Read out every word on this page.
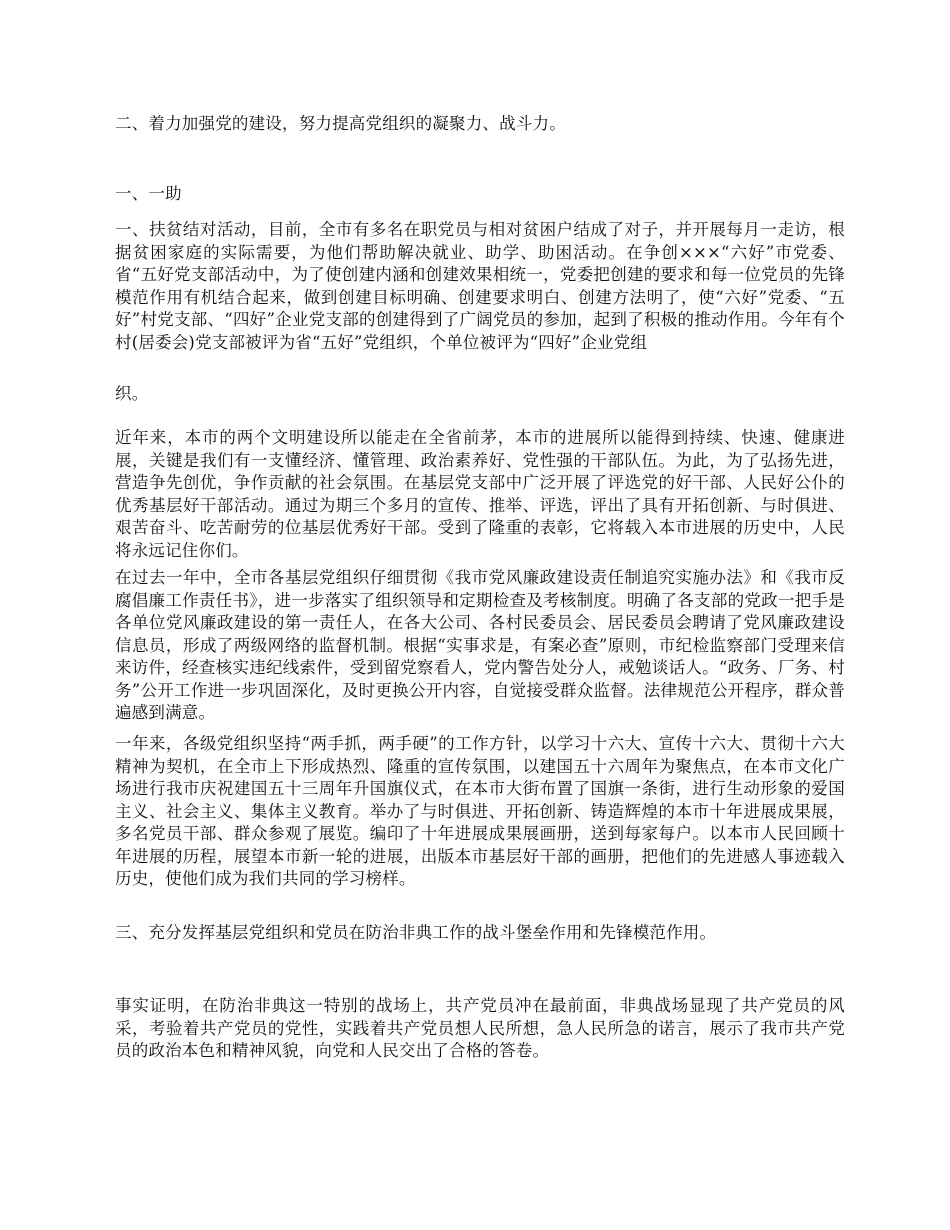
二、着力加强党的建设，努力提高党组织的凝聚力、战斗力。

一、一助

一、扶贫结对活动，目前，全市有多名在职党员与相对贫困户结成了对子，并开展每月一走访，根据贫困家庭的实际需要，为他们帮助解决就业、助学、助困活动。在争创×××“六好”市党委、省“五好党支部活动中，为了使创建内涵和创建效果相统一，党委把创建的要求和每一位党员的先锋模范作用有机结合起来，做到创建目标明确、创建要求明白、创建方法明了，使“六好”党委、“五好”村党支部、“四好”企业党支部的创建得到了广阔党员的参加，起到了积极的推动作用。今年有个村(居委会)党支部被评为省“五好”党组织，个单位被评为“四好”企业党组

织。

近年来，本市的两个文明建设所以能走在全省前茅，本市的进展所以能得到持续、快速、健康进展，关键是我们有一支懂经济、懂管理、政治素养好、党性强的干部队伍。为此，为了弘扬先进，营造争先创优，争作贡献的社会氛围。在基层党支部中广泛开展了评选党的好干部、人民好公仆的优秀基层好干部活动。通过为期三个多月的宣传、推举、评选，评出了具有开拓创新、与时俱进、艰苦奋斗、吃苦耐劳的位基层优秀好干部。受到了隆重的表彰，它将载入本市进展的历史中，人民将永远记住你们。

在过去一年中，全市各基层党组织仔细贯彻《我市党风廉政建设责任制追究实施办法》和《我市反腐倡廉工作责任书》，进一步落实了组织领导和定期检查及考核制度。明确了各支部的党政一把手是各单位党风廉政建设的第一责任人，在各大公司、各村民委员会、居民委员会聘请了党风廉政建设信息员，形成了两级网络的监督机制。根据“实事求是，有案必查”原则，市纪检监察部门受理来信来访件，经查核实违纪线索件，受到留党察看人，党内警告处分人，戒勉谈话人。“政务、厂务、村务”公开工作进一步巩固深化，及时更换公开内容，自觉接受群众监督。法律规范公开程序，群众普遍感到满意。

一年来，各级党组织坚持“两手抓，两手硬”的工作方针，以学习十六大、宣传十六大、贯彻十六大精神为契机，在全市上下形成热烈、隆重的宣传氛围，以建国五十六周年为聚焦点，在本市文化广场进行我市庆祝建国五十三周年升国旗仪式，在本市大街布置了国旗一条街，进行生动形象的爱国主义、社会主义、集体主义教育。举办了与时俱进、开拓创新、铸造辉煌的本市十年进展成果展，多名党员干部、群众参观了展览。编印了十年进展成果展画册，送到每家每户。以本市人民回顾十年进展的历程，展望本市新一轮的进展，出版本市基层好干部的画册，把他们的先进感人事迹载入历史，使他们成为我们共同的学习榜样。

三、充分发挥基层党组织和党员在防治非典工作的战斗堡垒作用和先锋模范作用。

事实证明，在防治非典这一特别的战场上，共产党员冲在最前面，非典战场显现了共产党员的风采，考验着共产党员的党性，实践着共产党员想人民所想，急人民所急的诺言，展示了我市共产党员的政治本色和精神风貌，向党和人民交出了合格的答卷。
